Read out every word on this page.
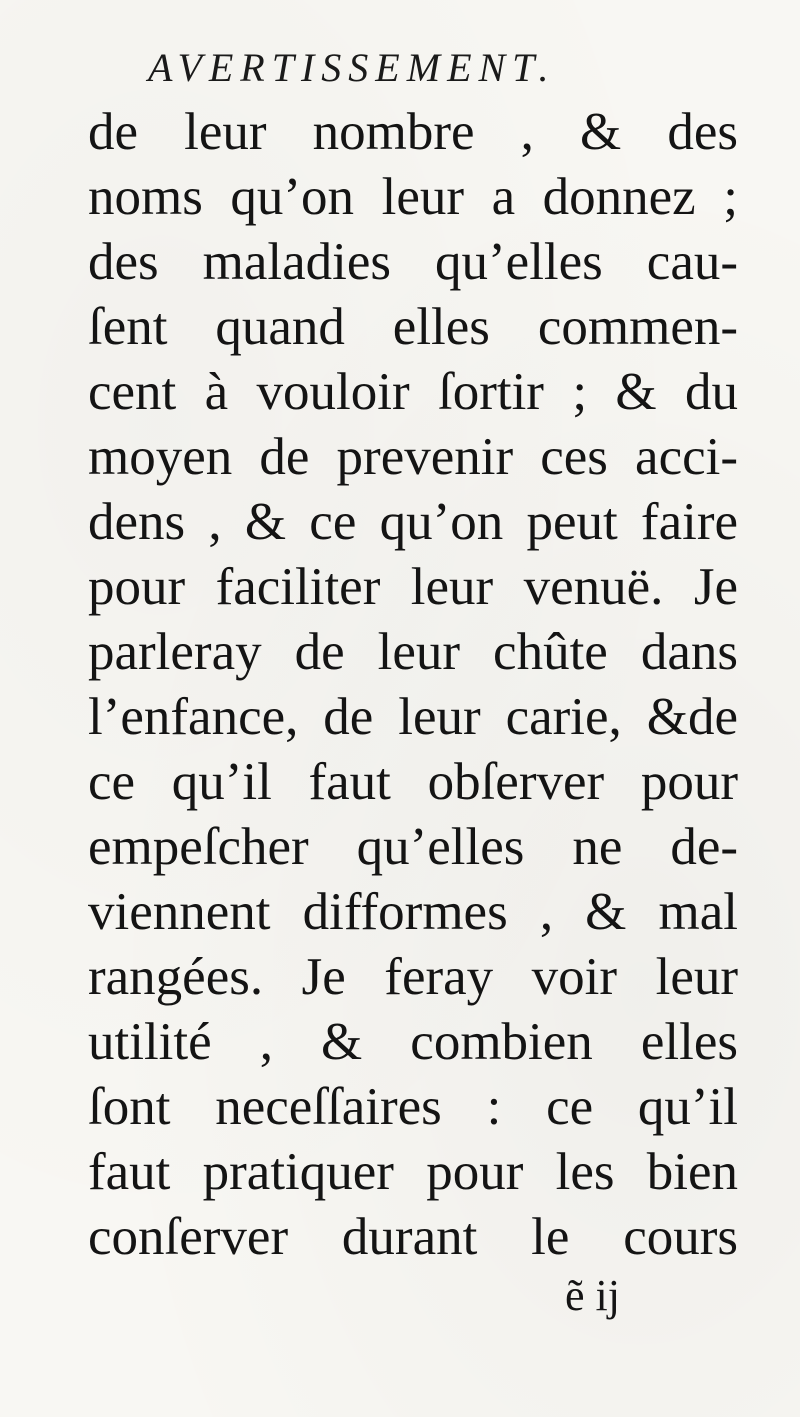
AVERTISSEMENT.
de leur nombre , & des
noms qu’on leur a donnez ;
des maladies qu’elles cau-
ſent quand elles commen-
cent à vouloir ſortir ; & du
moyen de prevenir ces acci-
dens , & ce qu’on peut faire
pour faciliter leur venuë. Je
parleray de leur chûte dans
l’enfance, de leur carie, &de
ce qu’il faut obſerver pour
empeſcher qu’elles ne de-
viennent difformes , & mal
rangées. Je feray voir leur
utilité , & combien elles
ſont neceſſaires : ce qu’il
faut pratiquer pour les bien
conſerver durant le cours
ẽ ij
